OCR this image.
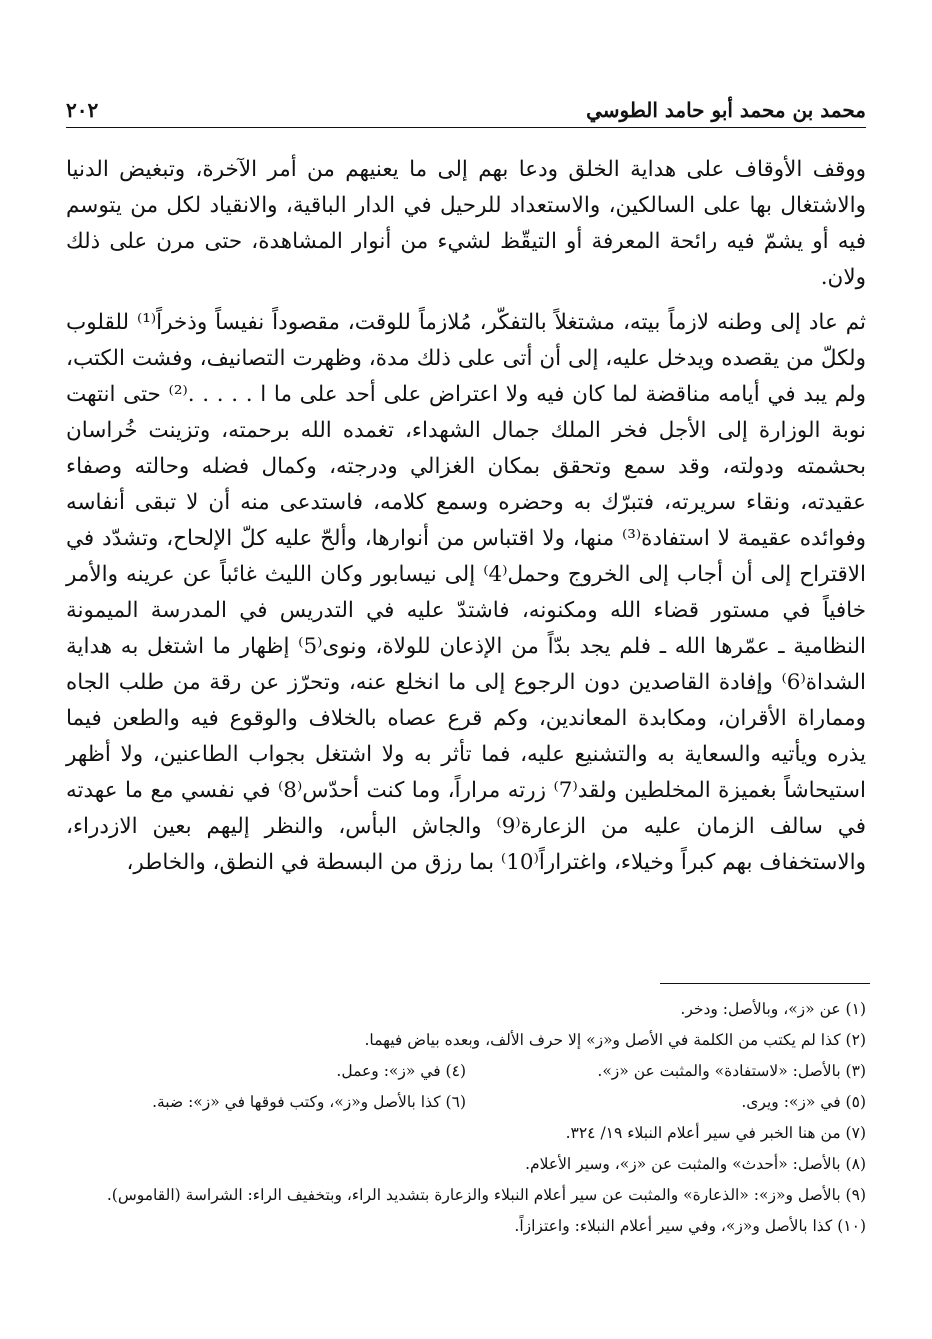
محمد بن محمد أبو حامد الطوسي
٢٠٢

ووقف الأوقاف على هداية الخلق ودعا بهم إلى ما يعنيهم من أمر الآخرة، وتبغيض الدنيا والاشتغال بها على السالكين، والاستعداد للرحيل في الدار الباقية، والانقياد لكل من يتوسم فيه أو يشمّ فيه رائحة المعرفة أو التيقّظ لشيء من أنوار المشاهدة، حتى مرن على ذلك ولان.

ثم عاد إلى وطنه لازماً بيته، مشتغلاً بالتفكّر، مُلازماً للوقت، مقصوداً نفيساً وذخراً⁽¹⁾ للقلوب ولكلّ من يقصده ويدخل عليه، إلى أن أتى على ذلك مدة، وظهرت التصانيف، وفشت الكتب، ولم يبد في أيامه مناقضة لما كان فيه ولا اعتراض على أحد على ما ا . . . . .⁽²⁾ حتى انتهت نوبة الوزارة إلى الأجل فخر الملك جمال الشهداء، تغمده الله برحمته، وتزينت خُراسان بحشمته ودولته، وقد سمع وتحقق بمكان الغزالي ودرجته، وكمال فضله وحالته وصفاء عقيدته، ونقاء سريرته، فتبرّك به وحضره وسمع كلامه، فاستدعى منه أن لا تبقى أنفاسه وفوائده عقيمة لا استفادة⁽³⁾ منها، ولا اقتباس من أنوارها، وألحّ عليه كلّ الإلحاح، وتشدّد في الاقتراح إلى أن أجاب إلى الخروج وحمل⁽4⁾ إلى نيسابور وكان الليث غائباً عن عرينه والأمر خافياً في مستور قضاء الله ومكنونه، فاشتدّ عليه في التدريس في المدرسة الميمونة النظامية ـ عمّرها الله ـ فلم يجد بدّاً من الإذعان للولاة، ونوى⁽5⁾ إظهار ما اشتغل به هداية الشداة⁽6⁾ وإفادة القاصدين دون الرجوع إلى ما انخلع عنه، وتحرّز عن رقة من طلب الجاه ومماراة الأقران، ومكابدة المعاندين، وكم قرع عصاه بالخلاف والوقوع فيه والطعن فيما يذره ويأتيه والسعاية به والتشنيع عليه، فما تأثر به ولا اشتغل بجواب الطاعنين، ولا أظهر استيحاشاً بغميزة المخلطين ولقد⁽7⁾ زرته مراراً، وما كنت أحدّس⁽8⁾ في نفسي مع ما عهدته في سالف الزمان عليه من الزعارة⁽9⁾ والجاش البأس، والنظر إليهم بعين الازدراء، والاستخفاف بهم كبراً وخيلاء، واغتراراً⁽10⁾ بما رزق من البسطة في النطق، والخاطر،

(١) عن «ز»، وبالأصل: ودخر.
(٢) كذا لم يكتب من الكلمة في الأصل و«ز» إلا حرف الألف، وبعده بياض فيهما.
(٣) بالأصل: «لاستفادة» والمثبت عن «ز».
(٤) في «ز»: وعمل.
(٥) في «ز»: ويرى.
(٦) كذا بالأصل و«ز»، وكتب فوقها في «ز»: ضبة.
(٧) من هنا الخبر في سير أعلام النبلاء ١٩/ ٣٢٤.
(٨) بالأصل: «أحدث» والمثبت عن «ز»، وسير الأعلام.
(٩) بالأصل و«ز»: «الذعارة» والمثبت عن سير أعلام النبلاء والزعارة بتشديد الراء، وبتخفيف الراء: الشراسة (القاموس).
(١٠) كذا بالأصل و«ز»، وفي سير أعلام النبلاء: واعتزازاً.
